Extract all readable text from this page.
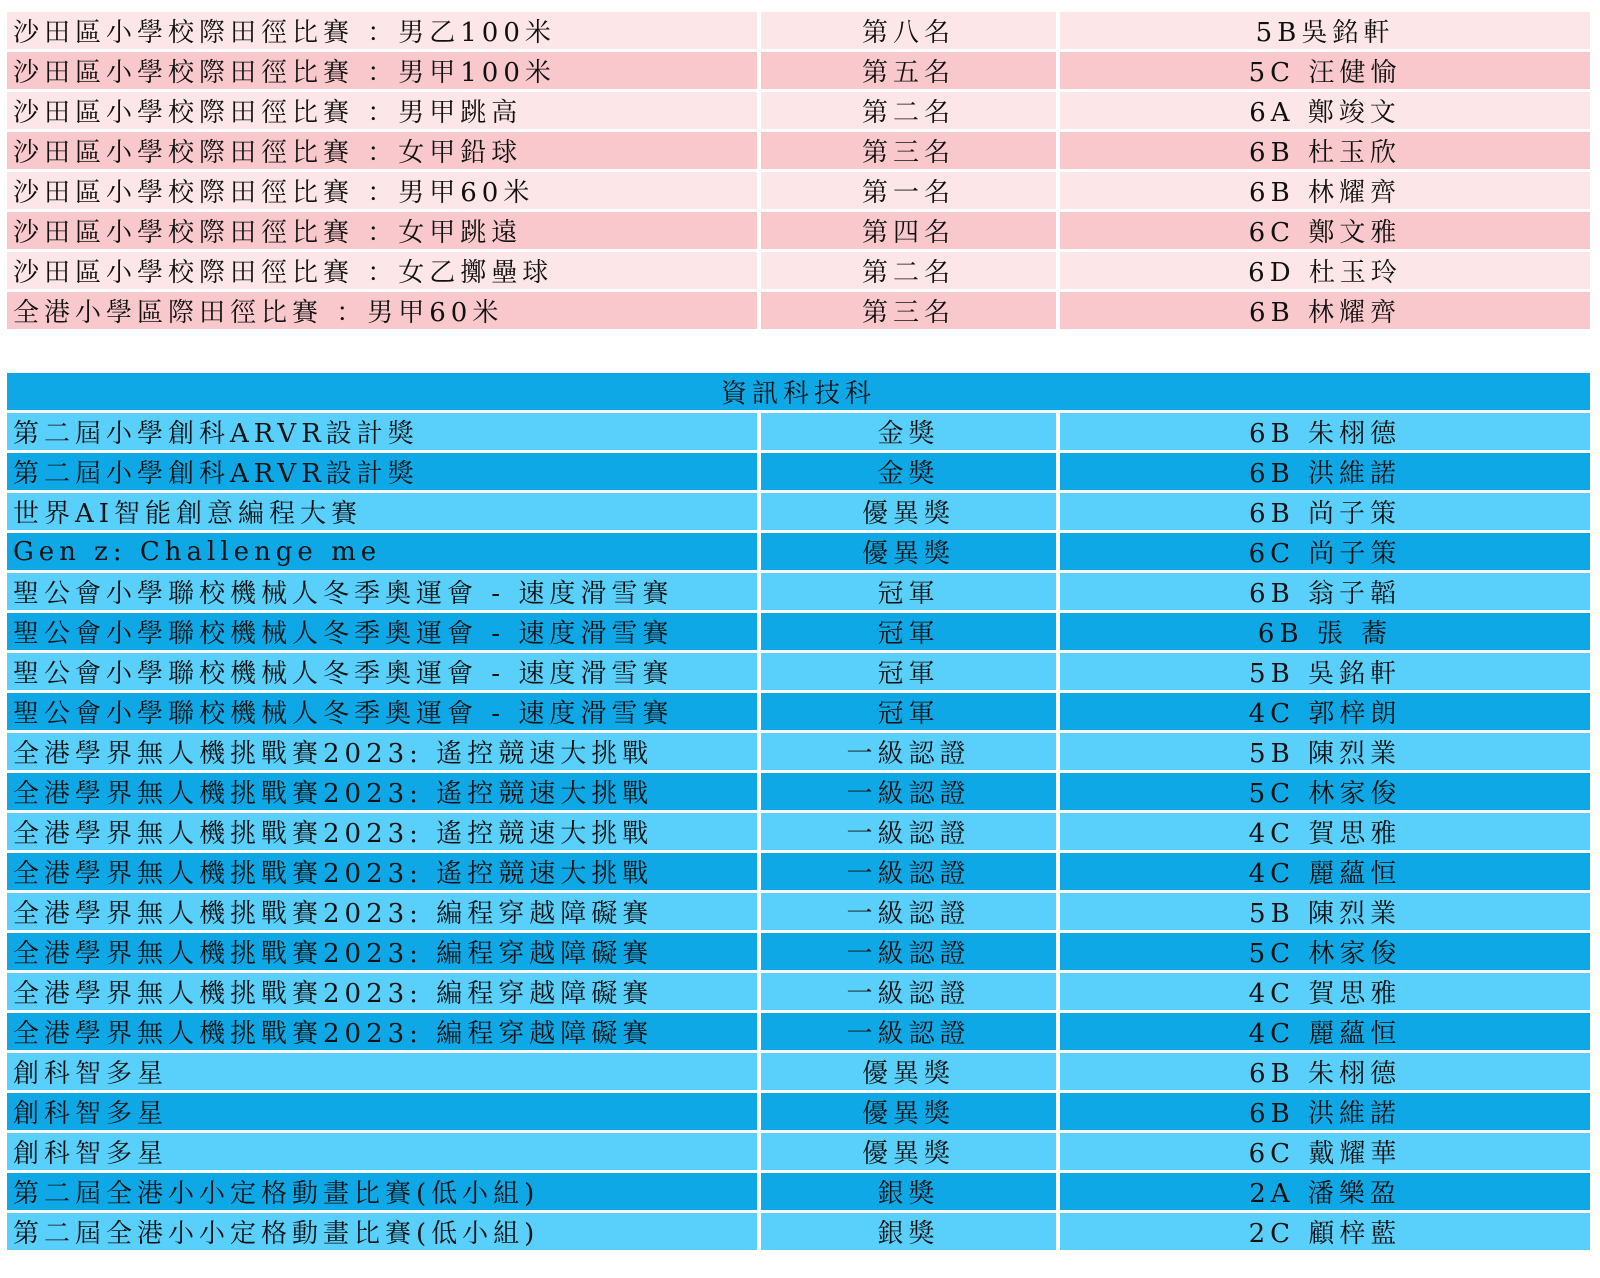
沙田區小學校際田徑比賽 ：男乙100米	第八名	5B吳銘軒
沙田區小學校際田徑比賽 ：男甲100米	第五名	5C 汪健愉
沙田區小學校際田徑比賽 ：男甲跳高	第二名	6A 鄭竣文
沙田區小學校際田徑比賽 ：女甲鉛球	第三名	6B 杜玉欣
沙田區小學校際田徑比賽 ：男甲60米	第一名	6B 林耀齊
沙田區小學校際田徑比賽 ：女甲跳遠	第四名	6C 鄭文雅
沙田區小學校際田徑比賽 ：女乙擲壘球	第二名	6D 杜玉玲
全港小學區際田徑比賽 ：男甲60米	第三名	6B 林耀齊
資訊科技科
第二屆小學創科ARVR設計獎	金獎	6B 朱栩德
第二屆小學創科ARVR設計獎	金獎	6B 洪維諾
世界AI智能創意編程大賽	優異獎	6B 尚子策
Gen z: Challenge me	優異獎	6C 尚子策
聖公會小學聯校機械人冬季奧運會 - 速度滑雪賽	冠軍	6B 翁子韜
聖公會小學聯校機械人冬季奧運會 - 速度滑雪賽	冠軍	6B 張 蕎
聖公會小學聯校機械人冬季奧運會 - 速度滑雪賽	冠軍	5B 吳銘軒
聖公會小學聯校機械人冬季奧運會 - 速度滑雪賽	冠軍	4C 郭梓朗
全港學界無人機挑戰賽2023: 遙控競速大挑戰	一級認證	5B 陳烈業
全港學界無人機挑戰賽2023: 遙控競速大挑戰	一級認證	5C 林家俊
全港學界無人機挑戰賽2023: 遙控競速大挑戰	一級認證	4C 賀思雅
全港學界無人機挑戰賽2023: 遙控競速大挑戰	一級認證	4C 麗蘊恒
全港學界無人機挑戰賽2023: 編程穿越障礙賽	一級認證	5B 陳烈業
全港學界無人機挑戰賽2023: 編程穿越障礙賽	一級認證	5C 林家俊
全港學界無人機挑戰賽2023: 編程穿越障礙賽	一級認證	4C 賀思雅
全港學界無人機挑戰賽2023: 編程穿越障礙賽	一級認證	4C 麗蘊恒
創科智多星	優異獎	6B 朱栩德
創科智多星	優異獎	6B 洪維諾
創科智多星	優異獎	6C 戴耀華
第二屆全港小小定格動畫比賽(低小組)	銀獎	2A 潘樂盈
第二屆全港小小定格動畫比賽(低小組)	銀獎	2C 顧梓藍
